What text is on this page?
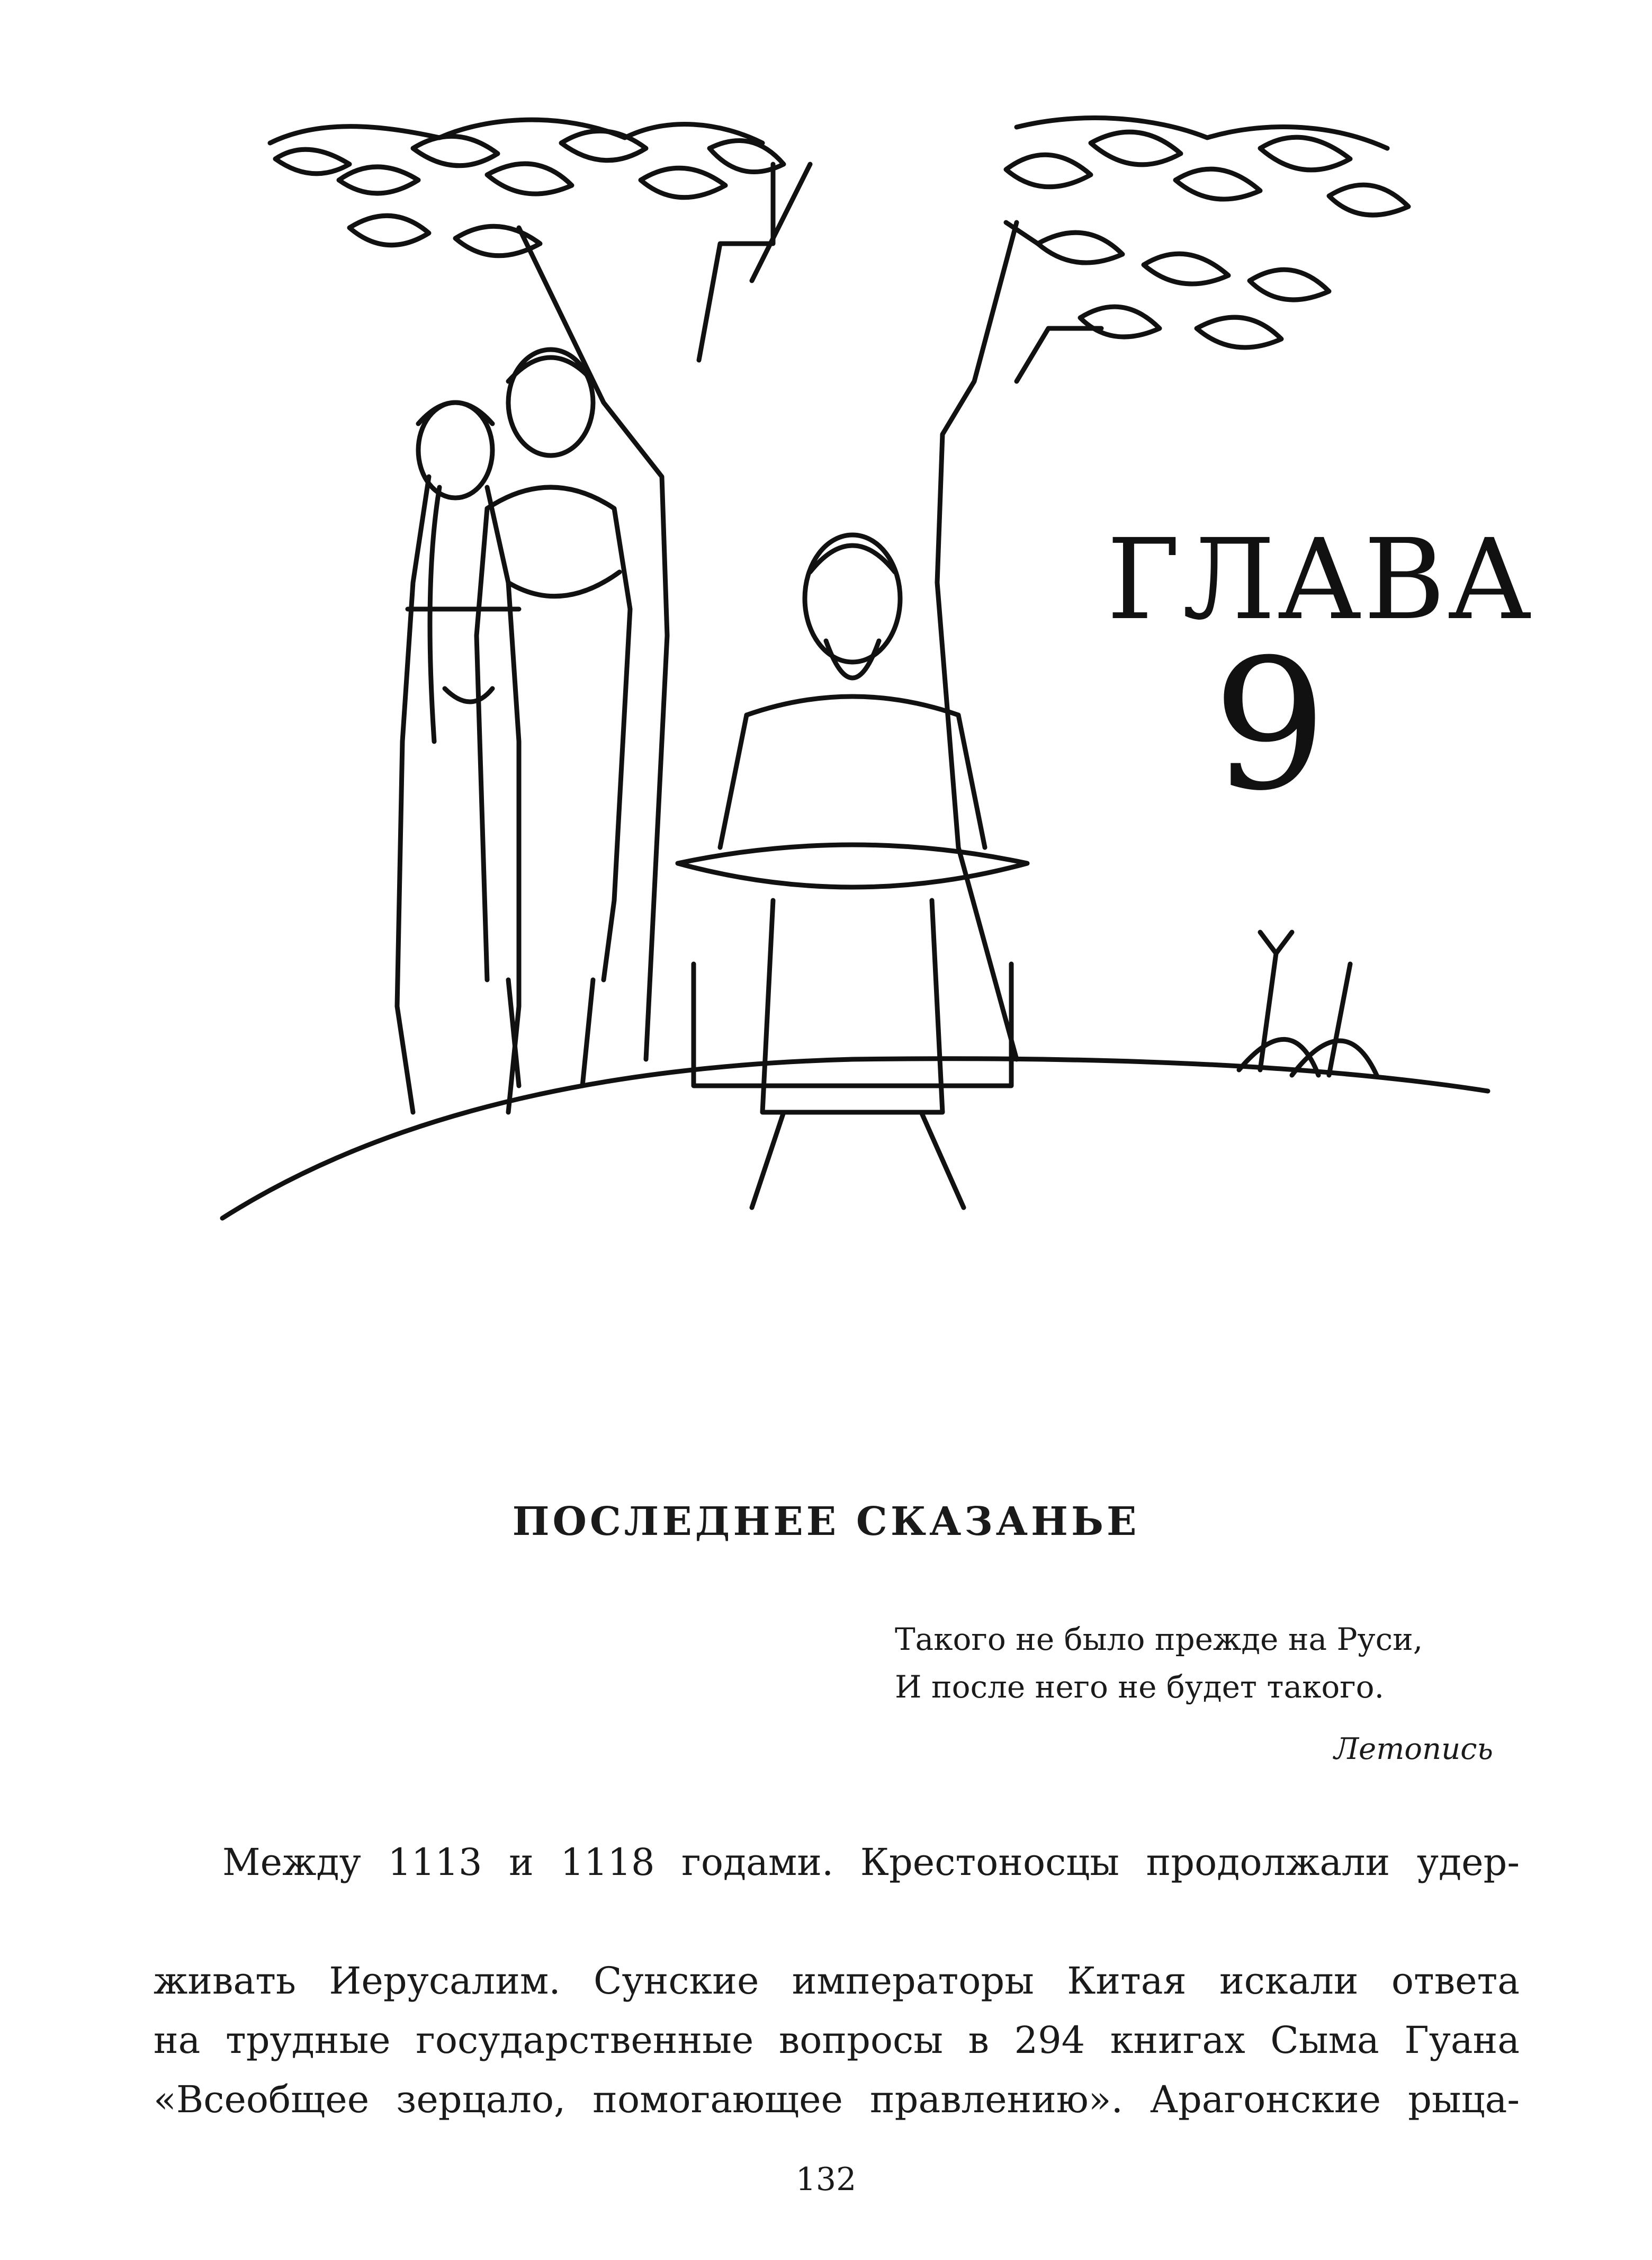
ГЛАВА
9
ПОСЛЕДНЕЕ СКАЗАНЬЕ
Такого не было прежде на Руси,
И после него не будет такого.
Летопись
Между 1113 и 1118 годами. Крестоносцы продолжали удер-
живать Иерусалим. Сунские императоры Китая искали ответа
на трудные государственные вопросы в 294 книгах Сыма Гуана
«Всеобщее зерцало, помогающее правлению». Арагонские рыца-
132
